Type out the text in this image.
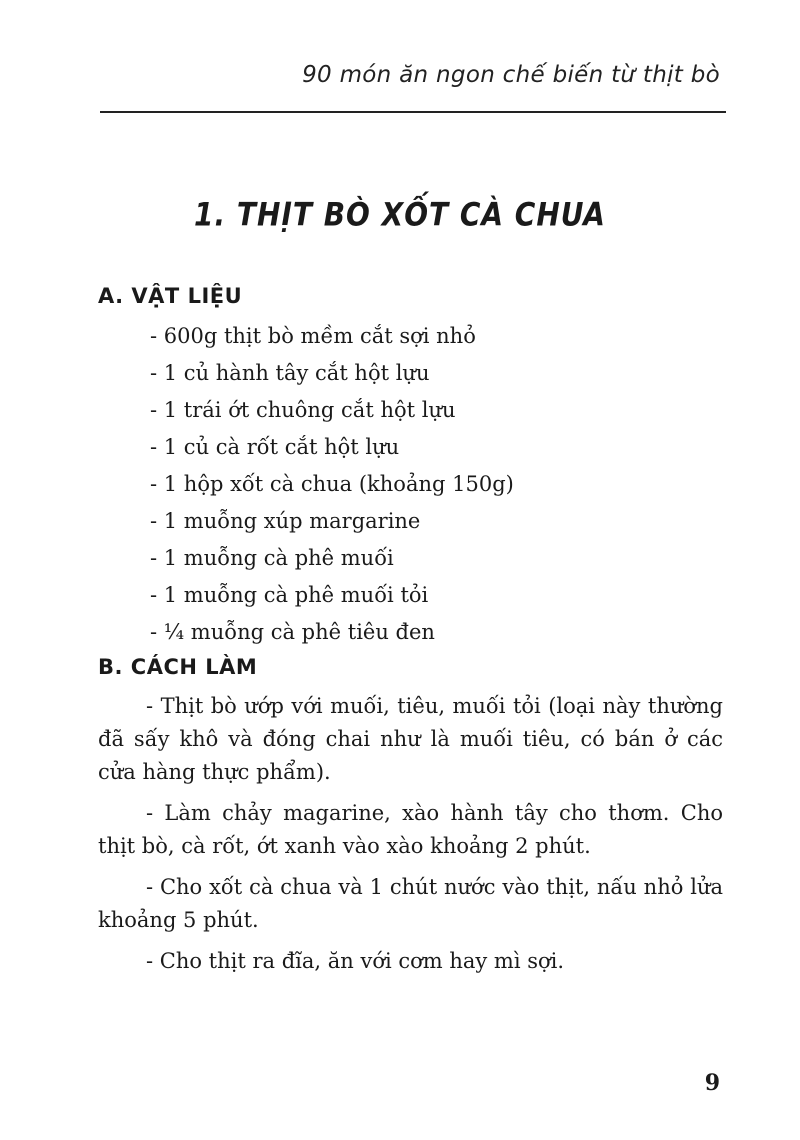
90 món ăn ngon chế biến từ thịt bò
1. THỊT BÒ XỐT CÀ CHUA
A. VẬT LIỆU
- 600g thịt bò mềm cắt sợi nhỏ
- 1 củ hành tây cắt hột lựu
- 1 trái ớt chuông cắt hột lựu
- 1 củ cà rốt cắt hột lựu
- 1 hộp xốt cà chua (khoảng 150g)
- 1 muỗng xúp margarine
- 1 muỗng cà phê muối
- 1 muỗng cà phê muối tỏi
- ¼ muỗng cà phê tiêu đen
B. CÁCH LÀM

- Thịt bò ướp với muối, tiêu, muối tỏi (loại này thường đã sấy khô và đóng chai như là muối tiêu, có bán ở các cửa hàng thực phẩm).

- Làm chảy magarine, xào hành tây cho thơm. Cho thịt bò, cà rốt, ớt xanh vào xào khoảng 2 phút.

- Cho xốt cà chua và 1 chút nước vào thịt, nấu nhỏ lửa khoảng 5 phút.

- Cho thịt ra đĩa, ăn với cơm hay mì sợi.

9
